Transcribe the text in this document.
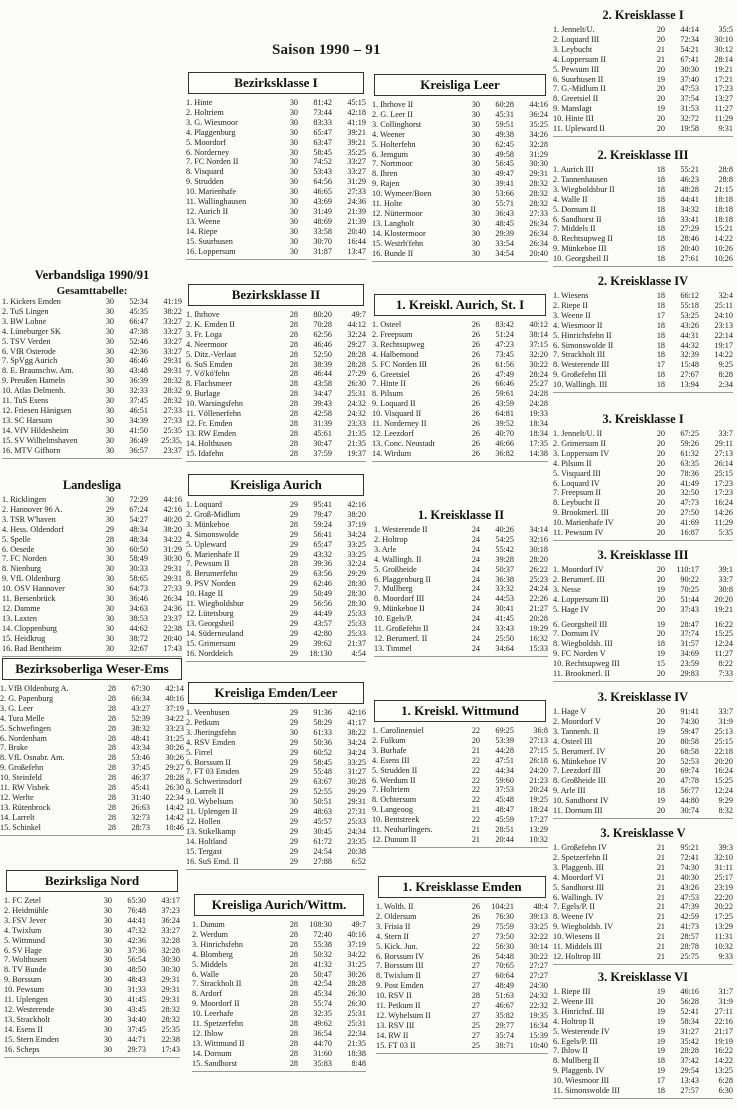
Saison 1990 – 91
Verbandsliga 1990/91
Gesamttabelle:
1. Kickers Emden	30	52:34	41:19
2. TuS Lingen	30	45:35	38:22
3. BW Lohne	30	66:47	33:27
4. Lüneburger SK	30	47:38	33:27
5. TSV Verden	30	52:46	33:27
6. VfR Osterode	30	42:36	33:27
7. SpVgg Aurich	30	46:46	29:31
8. E. Braunschw. Am.	30	43:48	29:31
9. Preußen Hameln	30	36:39	28:32
10. Atlas Delmenh.	30	32:33	28:32
11. TuS Esens	30	37:45	28:32
12. Friesen Hänigsen	30	46:51	27:33
13. SC Harsum	30	34:39	27:33
14. VfV Hildesheim	30	41:50	25:35
15. SV Wilhelmshaven	30	36:49	25:35,
16. MTV Gifhorn	30	36:57	23:37
Landesliga
1. Ricklingen	30	72:29	44:16
2. Hannover 96 A.	29	67:24	42:16
3. TSR W'haven	30	54:27	40:20
4. Hess. Oldendorf	29	48:34	38:20
5. Spelle	28	48:34	34:22
6. Oesede	30	60:50	31:29
7. FC Norden	30	58:49	30:30
8. Nienburg	30	30:33	29:31
9. VfL Oldenburg	30	58:65	29:31
10. OSV Hannover	30	64:73	27:33
11. Bersenbrück	30	36:46	26:34
12. Damme	30	34:63	24:36
13. Laxten	30	38:53	23:37
14. Cloppenburg	30	44:62	22:38
15. Heidkrug	30	38:72	20:40
16. Bad Bentheim	30	32:67	17:43
Bezirksoberliga Weser-Ems
1. VfB Oldenburg A.	28	67:30	42:14
2. G. Papenburg	28	66:34	40:16
3. G. Leer	28	43:27	37:19
4. Tura Melle	28	52:39	34:22
5. Schwefingen	28	38:32	33:23
6. Nordenham	28	48:41	31:25
7. Brake	28	43:34	30:26
8. VfL Osnabr. Am.	28	53:46	30:26
9. Großefehn	28	37:45	29:27
10. Steinfeld	28	46:37	28:28
11. RW Visbek	28	45:41	26:30
12. Werlte	28	31:40	22:34
13. Rütenbrock	28	26:63	14:42
14. Larrelt	28	32:73	14:42
15. Schinkel	28	28:73	10:46
Bezirksliga Nord
1. FC Zetel	30	65:30	43:17
2. Heidmühle	30	76:48	37:23
3. FSV Jever	30	44:41	36:24
4. Twixlum	30	47:32	33:27
5. Wittmund	30	42:36	32:28
6. SV Hage	30	37:36	32:28
7. Wolthusen	30	56:54	30:30
8. TV Bunde	30	48:50	30:30
9. Borssum	30	48:43	29:31
10. Pewsum	30	31:33	29:31
11. Uplengen	30	41:45	29:31
12. Westerende	30	43:45	28:32
13. Strackholt	30	34:40	28:32
14. Esens II	30	37:45	25:35
15. Stern Emden	30	44:71	22:38
16. Scheps	30	29:73	17:43
Bezirksklasse I
1. Hinte	30	81:42	45:15
2. Holtriem	30	73:44	42:18
3. G. Wiesmoor	30	83:33	41:19
4. Plaggenburg	30	65:47	39:21
5. Moordorf	30	63:47	39:21
6. Norderney	30	58:45	35:25
7. FC Norden II	30	74:52	33:27
8. Visquard	30	53:43	33:27
9. Strudden	30	64:56	31:29
10. Marienhafe	30	46:65	27:33
11. Wallinghausen	30	43:69	24:36
12. Aurich II	30	31:49	21:39
13. Weene	30	48:69	21:39
14. Riepe	30	33:58	20:40
15. Suurhusen	30	30:70	16:44
16. Loppersum	30	31:87	13:47
Bezirksklasse II
1. Ihrhove	28	80:20	49:7
2. K. Emden II	28	70:28	44:12
3. Fr. Loga	28	62:56	32:24
4. Neermoor	28	46:46	29:27
5. Ditz.-Verlaat	28	52:50	28:28
6. SuS Emden	28	38:39	28:28
7. Vö'kö'fehn	28	46:44	27:29
8. Flachsmeer	28	43:58	26:30
9. Burlage	28	34:47	25:31
10. Warsingsfehn	28	39:43	24:32
11. Völlenerfehn	28	42:58	24:32
12. Fr. Emden	28	31:39	23:33
13. RW Emden	28	45:61	21:35
14. Holthusen	28	30:47	21:35
15. Idafehn	28	37:59	19:37
Kreisliga Aurich
1. Loquard	29	95:41	42:16
2. Groß-Midlum	29	79:47	38:20
3. Münkeboe	28	59:24	37:19
4. Simonswolde	29	56:41	34:24
5. Upleward	29	65:47	33:25
6. Marienhafe II	29	43:32	33:25
7. Pewsum II	28	39:36	32:24
8. Berumerfehn	29	63:56	29:29
9. PSV Norden	29	62:46	28:30
10. Hage II	29	50:49	28:30
11. Wiegboldsbur	29	56:56	28:30
12. Lütetsburg	29	44:49	25:33
13. Georgsheil	29	43:57	25:33
14. Süderneuland	29	42:80	25:33
15. Grimersum	29	39:62	21:37
16. Norddeich	29	18:130	4:54
Kreisliga Emden/Leer
1. Veenhusen	29	91:36	42:16
2. Petkum	29	58:29	41:17
3. Jheringsfehn	30	61:33	38:22
4. RSV Emden	29	50:36	34:24
5. Firrel	29	60:52	34:24
6. Borssum II	29	58:45	33:25
7. FT 03 Emden	29	55:48	31:27
8. Schwerinsdorf	29	63:67	30:28
9. Larrelt II	29	52:55	29:29
10. Wybelsum	30	50:51	29:31
11. Uplengen II	29	48:63	27:31
12. Hollen	29	45:57	25:33
13. Stikelkamp	29	30:45	24:34
14. Holtland	29	61:72	23:35
15. Tergast	29	24:54	20:38
16. SuS Emd. II	29	27:88	6:52
Kreisliga Aurich/Wittm.
1. Dunum	28	108:30	49:7
2. Werdum	28	72:40	40:16
3. Hinrichsfehn	28	55:38	37:19
4. Blomberg	28	50:32	34:22
5. Middels	28	41:32	31:25
6. Walle	28	50:47	30:26
7. Strackholt II	28	42:54	28:28
8. Ardorf	28	45:34	26:30
9. Moordorf II	28	55:74	26:30
10. Leerhafe	28	32:35	25:31
11. Spetzerfehn	28	49:62	25:31
12. Ihlow	28	36:54	22:34
13. Wittmund II	28	44:70	21:35
14. Dornum	28	31:60	18:38
15. Sandhorst	28	35:83	8:48
Kreisliga Leer
1. Ihrhove II	30	60:28	44:16
2. G. Leer II	30	45:31	36:24
3. Collinghorst	30	59:51	35:25
4. Weener	30	49:38	34:26
5. Holterfehn	30	62:45	32:28
6. Jemgum	30	49:58	31:29
7. Nortmoor	30	56:45	30:30
8. Ihren	30	49:47	29:31
9. Rajen	30	39:41	28:32
10. Wymeer/Boen	30	53:66	28:32
11. Holte	30	55:71	28:32
12. Nüttermoor	30	36:43	27:33
13. Langholt	30	48:45	26:34
14. Klostermoor	30	29:39	26:34
15. Westrh'fehn	30	33:54	26:34
16. Bunde II	30	34:54	20:40
1. Kreiskl. Aurich, St. I
1. Osteel	26	83:42	40:12
2. Freepsum	26	51:24	38:14
3. Rechtsupweg	26	47:23	37:15
4. Halbemond	26	73:45	32:20
5. FC Norden III	26	61:56	30:22
6. Greetsiel	26	47:49	28:24
7. Hinte II	26	66:46	25:27
8. Pilsum	26	59:61	24:28
9. Loquard II	26	43:59	24:28
10. Visquard II	26	64:81	19:33
11. Norderney II	26	39:52	18:34
12. Leezdorf	26	40:70	18:34
13. Conc. Neustadt	26	46:66	17:35
14. Wirdum	26	36:82	14:38
1. Kreisklasse II
1. Westerende II	24	40:26	34:14
2. Holtrop	24	54:25	32:16
3. Arle	24	55:42	30:18
4. Wallingh. II	24	39:28	28:20
5. Großheide	24	50:37	26:22
6. Plaggenburg II	24	36:38	25:23
7. Mullberg	24	33:32	24:24
8. Moordorf III	24	44:53	22:26
9. Münkeboe II	24	30:41	21:27
10. Egels/P.	24	41:45	20:28
11. Großefehn II	24	33:43	19:29
12. Berumerf. II	24	25:50	16:32
13. Timmel	24	34:64	15:33
1. Kreiskl. Wittmund
1. Carolinensiel	22	69:25	36:8
2. Fulkum	20	53:39	27:13
3. Burhafe	21	44:28	27:15
4. Esens III	22	47:51	26:18
5. Strudden II	22	44:34	24:20
6. Werdum II	22	59:60	21:23
7. Holtriem	22	37:53	20:24
8. Ochtersum	22	45:48	19:25
9. Langeoog	21	48:47	18:24
10. Bentstreek	22	45:59	17:27
11. Neuharlingers.	21	28:51	13:29
12. Dunum II	21	20:44	10:32
1. Kreisklasse Emden
1. Wolth. II	26	104:21	48:4
2. Oldersum	26	76:30	39:13
3. Frisia II	29	75:59	33:25
4. Stern II	27	73:50	32:22
5. Kick. Jun.	22	56:30	30:14
6. Borssum IV	26	54:48	30:22
7. Borssum III	27	70:65	27:27
8. Twixlum II	27	60:64	27:27
9. Post Emden	27	48:49	24:30
10. RSV II	28	51:63	24:32
11. Petkum II	27	46:67	22:32
12. Wybelsum II	27	35:82	19:35
13. RSV III	25	29:77	16:34
14. RW II	27	35:74	15:39
15. FT 03 II	25	38:71	10:40
2. Kreisklasse I
1. Jennelt/U.	20	44:14	35:5
2. Loquard III	20	72:34	30:10
3. Leybucht	21	54:21	30:12
4. Loppersum II	21	67:41	28:14
5. Pewsum III	20	30:30	19:21
6. Suurhusen II	19	37:40	17:21
7. G.-Midlum II	20	47:53	17:23
8. Greetsiel II	20	37:54	13:27
9. Manslagt	19	31:53	11:27
10. Hinte III	20	32:72	11:29
11. Upleward II	20	19:58	9:31
2. Kreisklasse III
1. Aurich III	18	55:21	28:8
2. Tannenhausen	18	46:23	28:8
3. Wiegboldsbur II	18	48:28	21:15
4. Walle II	18	44:41	18:18
5. Dornum II	18	34:32	18:18
6. Sandhorst II	18	33:41	18:18
7. Middels II	18	27:29	15:21
8. Rechtsupweg II	18	28:46	14:22
9. Münkeboe III	18	20:40	10:26
10. Georgsheil II	18	27:61	10:26
2. Kreisklasse IV
1. Wiesens	18	66:12	32:4
2. Riepe II	18	55:18	25:11
3. Weene II	17	53:25	24:10
4. Wiesmoor II	18	43:26	23:13
5. Hinrichsfehn II	18	44:31	22:14
6. Simonswolde II	18	44:32	19:17
7. Strackholt III	18	32:39	14:22
8. Westerende III	17	15:48	9:25
9. Großefehn III	18	27:67	8:28
10. Wallingh. III	18	13:94	2:34
3. Kreisklasse I
1. Jennelt/U. II	20	67:25	33:7
2. Grimersum II	20	59:26	29:11
3. Loppersum IV	20	61:32	27:13
4. Pilsum II	20	63:35	26:14
5. Visquard III	20	78:36	25:15
6. Loquard IV	20	41:49	17:23
7. Freepsum II	20	32:50	17:23
8. Leybucht II	20	47:73	16:24
9. Brookmerl. III	20	27:50	14:26
10. Marienhafe IV	20	41:69	11:29
11. Pewsum IV	20	16:87	5:35
3. Kreisklasse III
1. Moordorf IV	20	110:17	39:1
2. Berumerf. III	20	90:22	33:7
3. Nesse	19	70:25	30:8
4. Loppersum III	20	51:44	20:20
5. Hage IV	20	37:43	19:21
6. Georgsheil III	19	28:47	16:22
7. Dornum IV	20	37:74	15:25
8. Wiegboldsb. III	18	31:57	12:24
9. FC Norden V	19	34:69	11:27
10. Rechtsupweg III	15	23:59	8:22
11. Brookmerl. II	20	29:83	7:33
3. Kreisklasse IV
1. Hage V	20	91:41	33:7
2. Moordorf V	20	74:30	31:9
3. Tannenh. II	19	59:47	25:13
4. Osteel III	20	80:58	25:15
5. Berumerf. IV	20	68:58	22:18
6. Münkeboe IV	20	52:53	20:20
7. Leezdorf III	20	69:74	16:24
8. Großheide III	20	47:78	15:25
9. Arle III	18	56:77	12:24
10. Sandhorst IV	19	44:80	9:29
11. Dornum III	20	30:74	8:32
3. Kreisklasse V
1. Großefehn IV	21	95:21	39:3
2. Spetzerfehn II	21	72:41	32:10
3. Plaggenb. III	21	74:30	31:11
4. Moordorf VI	21	40:30	25:17
5. Sandhorst III	21	43:26	23:19
6. Wallingh. IV	21	47:53	22:20
7. Egels/P. II	21	47:39	20:22
8. Weene IV	21	42:59	17:25
9. Wiegboldsb. IV	21	41:73	13:29
10. Wiesens II	21	28:57	11:31
11. Middels III	21	28:78	10:32
12. Holtrop III	21	25:75	9:33
3. Kreisklasse VI
1. Riepe III	19	46:16	31:7
2. Weene III	20	56:28	31:9
3. Hinrichsf. III	19	52:41	27:11
4. Holtrop II	19	58:34	22:16
5. Westerende IV	19	31:27	21:17
6. Egels/P. III	19	35:42	19:19
7. Ihlow II	19	28:28	16:22
8. Mullberg II	18	37:42	14:22
9. Plaggenb. IV	19	29:54	13:25
10. Wiesmoor III	17	13:43	6:28
11. Simonswolde III	18	27:57	6:30
